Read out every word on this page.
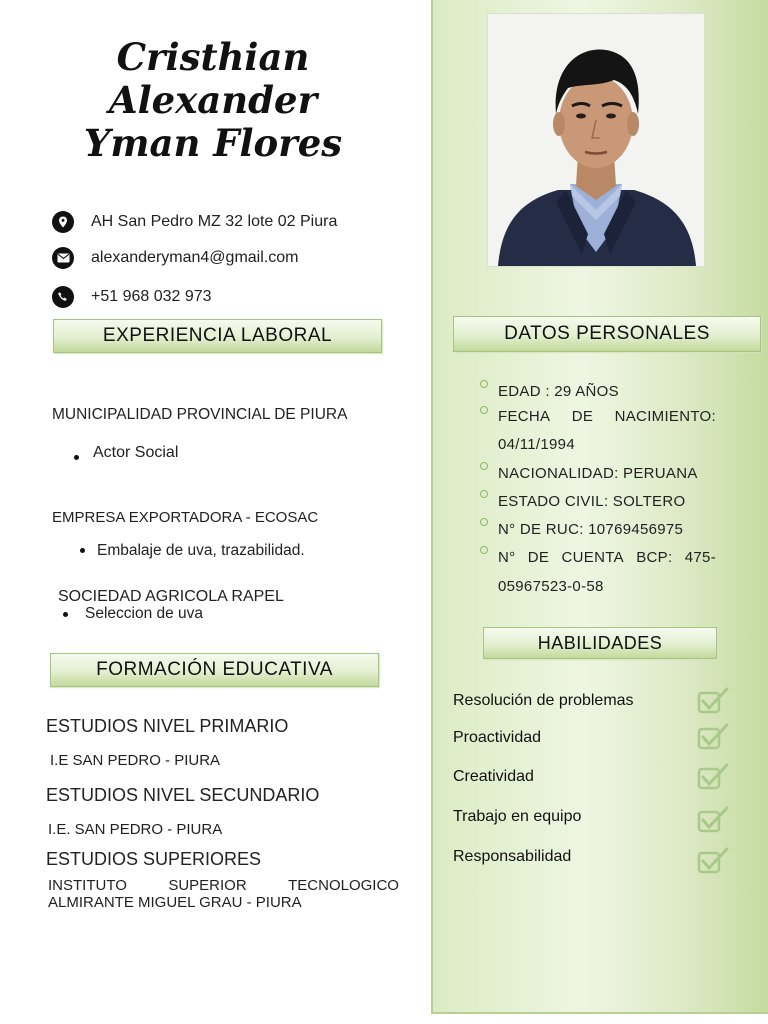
Cristhian
Alexander
Yman Flores
AH San Pedro MZ 32 lote 02 Piura
alexanderyman4@gmail.com
+51 968 032 973
EXPERIENCIA LABORAL
MUNICIPALIDAD PROVINCIAL DE PIURA
Actor Social
EMPRESA EXPORTADORA - ECOSAC
Embalaje de uva, trazabilidad.
SOCIEDAD AGRICOLA RAPEL
Seleccion de uva
FORMACIÓN EDUCATIVA
ESTUDIOS NIVEL PRIMARIO
I.E SAN PEDRO - PIURA
ESTUDIOS NIVEL SECUNDARIO
I.E. SAN PEDRO - PIURA
ESTUDIOS SUPERIORES
INSTITUTO	SUPERIOR	TECNOLOGICO
ALMIRANTE MIGUEL GRAU - PIURA
DATOS PERSONALES
EDAD : 29 AÑOS
FECHA DE NACIMIENTO:
04/11/1994
NACIONALIDAD: PERUANA
ESTADO CIVIL: SOLTERO
N° DE RUC: 10769456975
N° DE CUENTA BCP: 475-
05967523-0-58
HABILIDADES
Resolución de problemas
Proactividad
Creatividad
Trabajo en equipo
Responsabilidad
